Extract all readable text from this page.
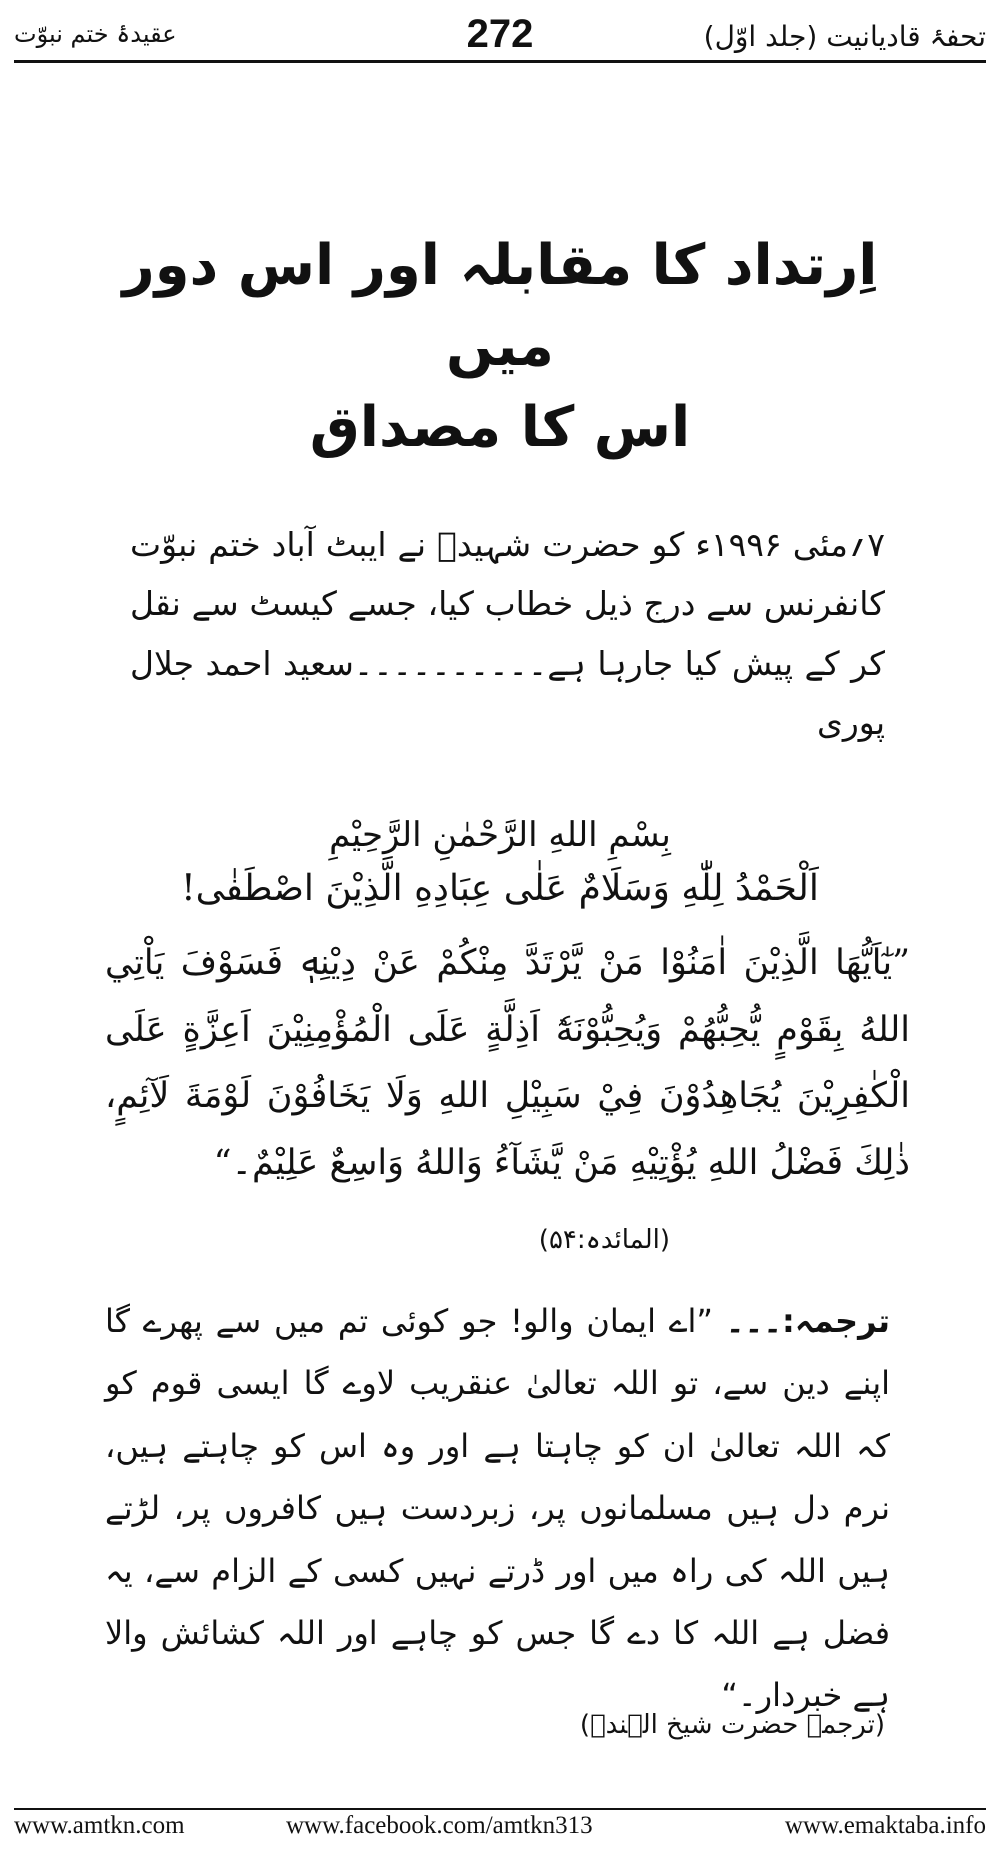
عقیدۂ ختم نبوّت	272	تحفۂ قادیانیت (جلد اوّل)
اِرتداد کا مقابلہ اور اس دور میں
اس کا مصداق
۷؍مئی ۱۹۹۶ء کو حضرت شہیدؒ نے ایبٹ آباد ختم نبوّت کانفرنس سے درج ذیل خطاب کیا، جسے کیسٹ سے نقل کر کے پیش کیا جارہا ہے۔۔۔۔۔۔۔۔۔۔سعید احمد جلال پوری
بِسْمِ اللهِ الرَّحْمٰنِ الرَّحِيْمِ
اَلْحَمْدُ لِلّٰهِ وَسَلَامٌ عَلٰى عِبَادِهِ الَّذِيْنَ اصْطَفٰى!
”يٰٓاَيُّهَا الَّذِيْنَ اٰمَنُوْا مَنْ يَّرْتَدَّ مِنْكُمْ عَنْ دِيْنِهٖ فَسَوْفَ يَاْتِي اللهُ بِقَوْمٍ يُّحِبُّهُمْ وَيُحِبُّوْنَهٗٓ اَذِلَّةٍ عَلَى الْمُؤْمِنِيْنَ اَعِزَّةٍ عَلَى الْكٰفِرِيْنَ يُجَاهِدُوْنَ فِيْ سَبِيْلِ اللهِ وَلَا يَخَافُوْنَ لَوْمَةَ لَآئِمٍ، ذٰلِكَ فَضْلُ اللهِ يُؤْتِيْهِ مَنْ يَّشَآءُ وَاللهُ وَاسِعٌ عَلِيْمٌ۔“
(المائدہ:۵۴)
ترجمہ:۔۔۔ ”اے ایمان والو! جو کوئی تم میں سے پھرے گا اپنے دین سے، تو اللہ تعالیٰ عنقریب لاوے گا ایسی قوم کو کہ اللہ تعالیٰ ان کو چاہتا ہے اور وہ اس کو چاہتے ہیں، نرم دل ہیں مسلمانوں پر، زبردست ہیں کافروں پر، لڑتے ہیں اللہ کی راہ میں اور ڈرتے نہیں کسی کے الزام سے، یہ فضل ہے اللہ کا دے گا جس کو چاہے اور اللہ کشائش والا ہے خبردار۔“
(ترجمہ حضرت شیخ الہندؒ)
www.amtkn.com	www.facebook.com/amtkn313	www.emaktaba.info
